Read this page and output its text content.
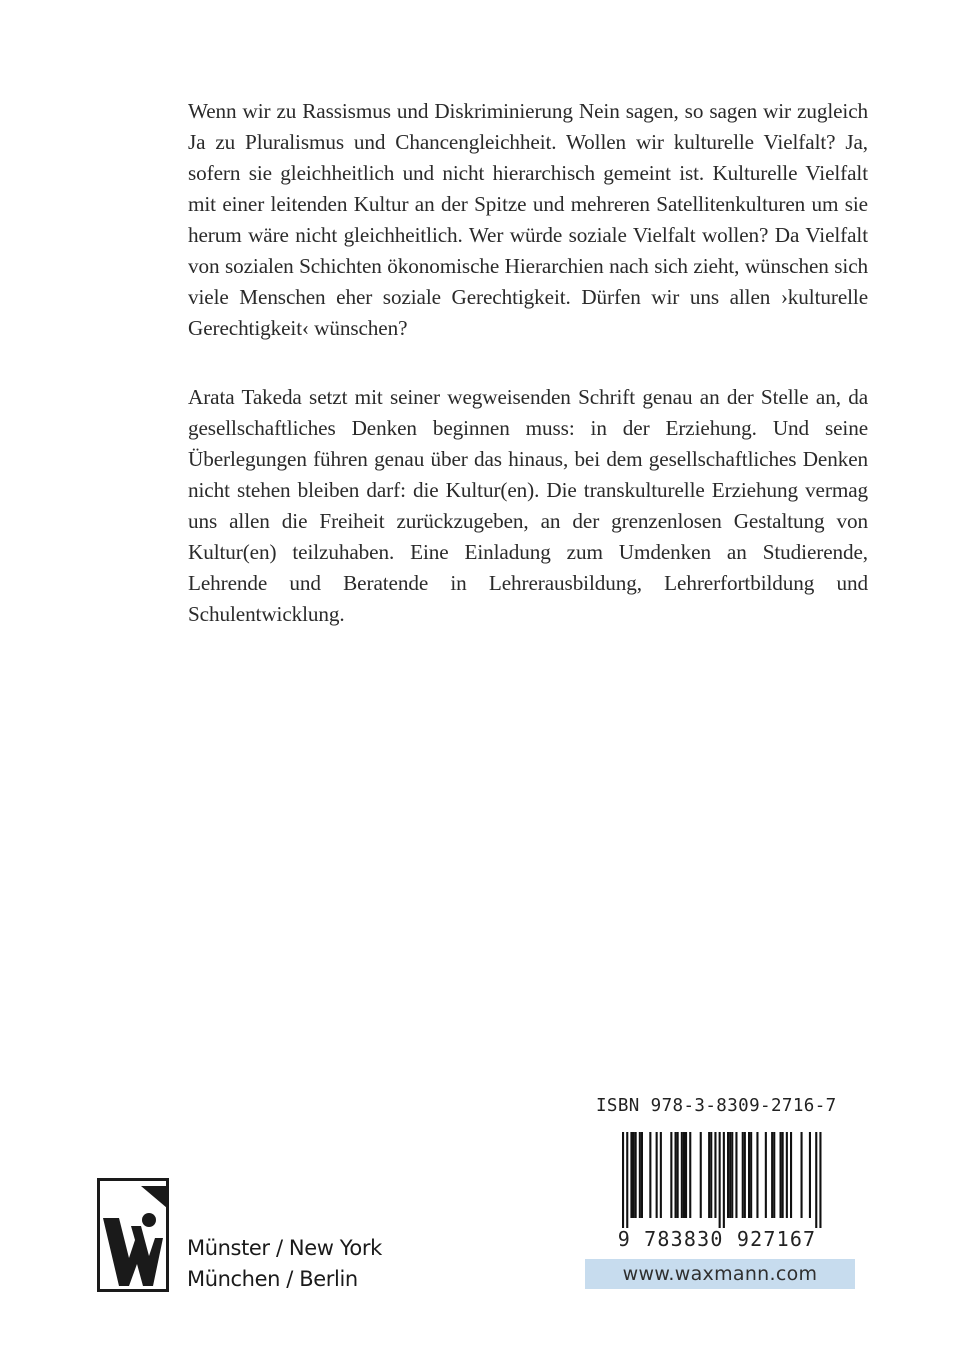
Wenn wir zu Rassismus und Diskriminierung Nein sagen, so sagen wir zugleich Ja zu Pluralismus und Chancengleichheit. Wollen wir kulturelle Vielfalt? Ja, sofern sie gleichheitlich und nicht hierarchisch gemeint ist. Kulturelle Vielfalt mit einer leitenden Kultur an der Spitze und mehreren Satellitenkulturen um sie herum wäre nicht gleichheitlich. Wer würde soziale Vielfalt wollen? Da Vielfalt von sozialen Schichten ökonomische Hierarchien nach sich zieht, wünschen sich viele Menschen eher soziale Gerechtigkeit. Dürfen wir uns allen ›kulturelle Gerechtigkeit‹ wünschen?

Arata Takeda setzt mit seiner wegweisenden Schrift genau an der Stelle an, da gesellschaftliches Denken beginnen muss: in der Erziehung. Und seine Überlegungen führen genau über das hinaus, bei dem gesellschaftliches Denken nicht stehen bleiben darf: die Kultur(en). Die transkulturelle Erziehung vermag uns allen die Freiheit zurückzugeben, an der grenzenlosen Gestaltung von Kultur(en) teilzuhaben. Eine Einladung zum Umdenken an Studierende, Lehrende und Beratende in Lehrerausbildung, Lehrerfortbildung und Schulentwicklung.

Münster / New York
München / Berlin
ISBN 978-3-8309-2716-7
9 783830 927167
www.waxmann.com
